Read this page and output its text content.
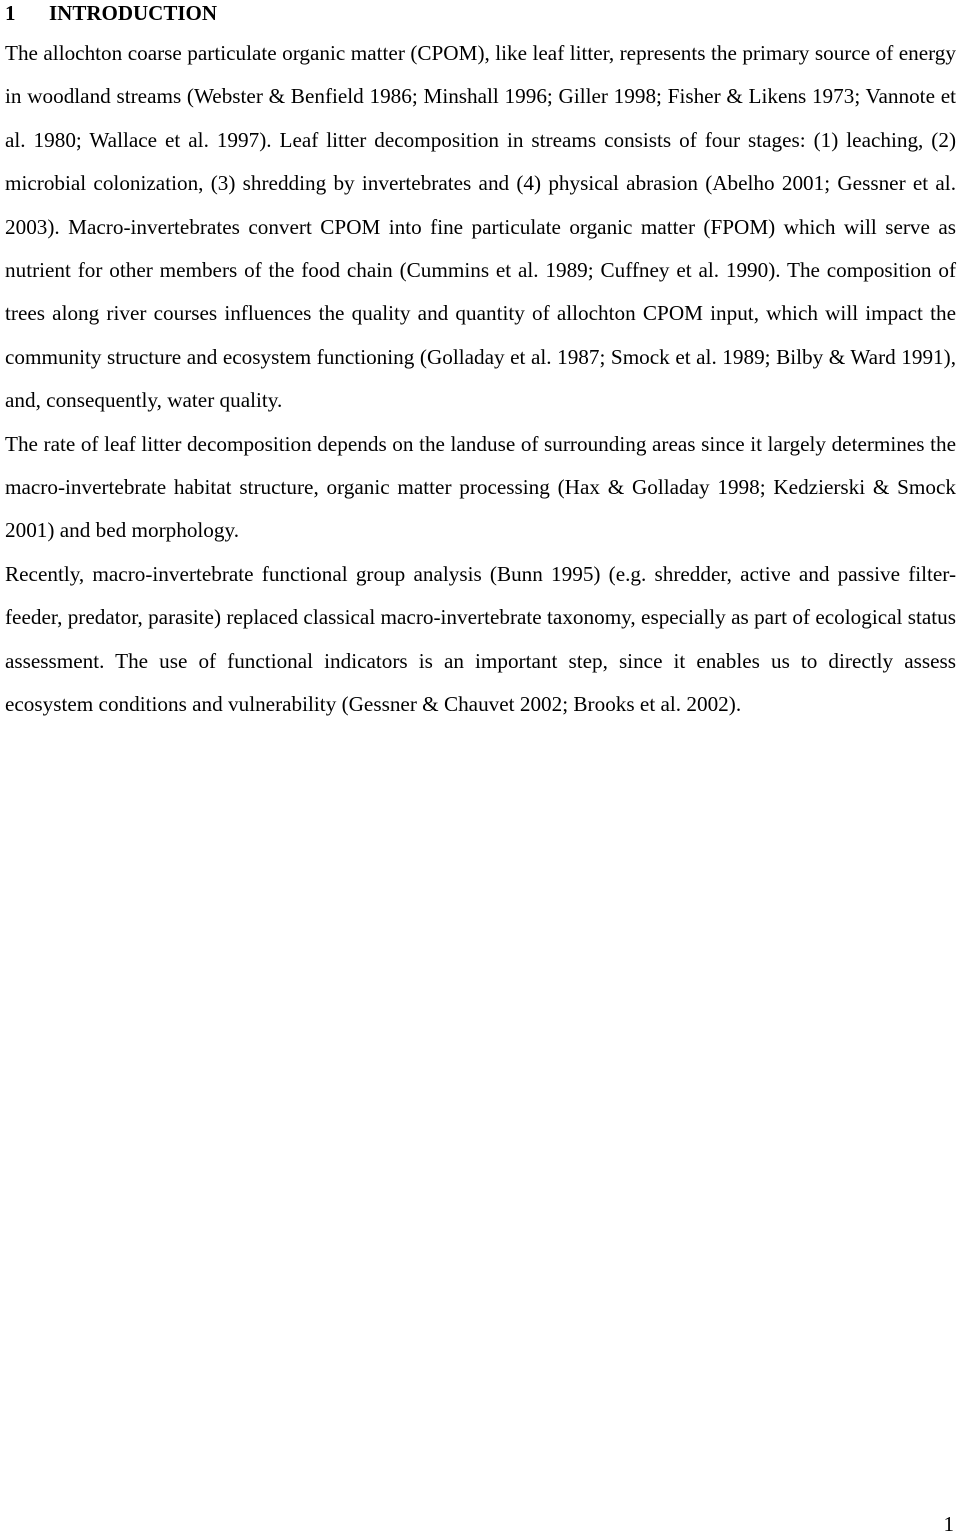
1 INTRODUCTION

The allochton coarse particulate organic matter (CPOM), like leaf litter, represents the primary source of energy in woodland streams (Webster & Benfield 1986; Minshall 1996; Giller 1998; Fisher & Likens 1973; Vannote et al. 1980; Wallace et al. 1997). Leaf litter decomposition in streams consists of four stages: (1) leaching, (2) microbial colonization, (3) shredding by invertebrates and (4) physical abrasion (Abelho 2001; Gessner et al. 2003). Macro-invertebrates convert CPOM into fine particulate organic matter (FPOM) which will serve as nutrient for other members of the food chain (Cummins et al. 1989; Cuffney et al. 1990). The composition of trees along river courses influences the quality and quantity of allochton CPOM input, which will impact the community structure and ecosystem functioning (Golladay et al. 1987; Smock et al. 1989; Bilby & Ward 1991), and, consequently, water quality.

The rate of leaf litter decomposition depends on the landuse of surrounding areas since it largely determines the macro-invertebrate habitat structure, organic matter processing (Hax & Golladay 1998; Kedzierski & Smock 2001) and bed morphology.

Recently, macro-invertebrate functional group analysis (Bunn 1995) (e.g. shredder, active and passive filter-feeder, predator, parasite) replaced classical macro-invertebrate taxonomy, especially as part of ecological status assessment. The use of functional indicators is an important step, since it enables us to directly assess ecosystem conditions and vulnerability (Gessner & Chauvet 2002; Brooks et al. 2002).

1
